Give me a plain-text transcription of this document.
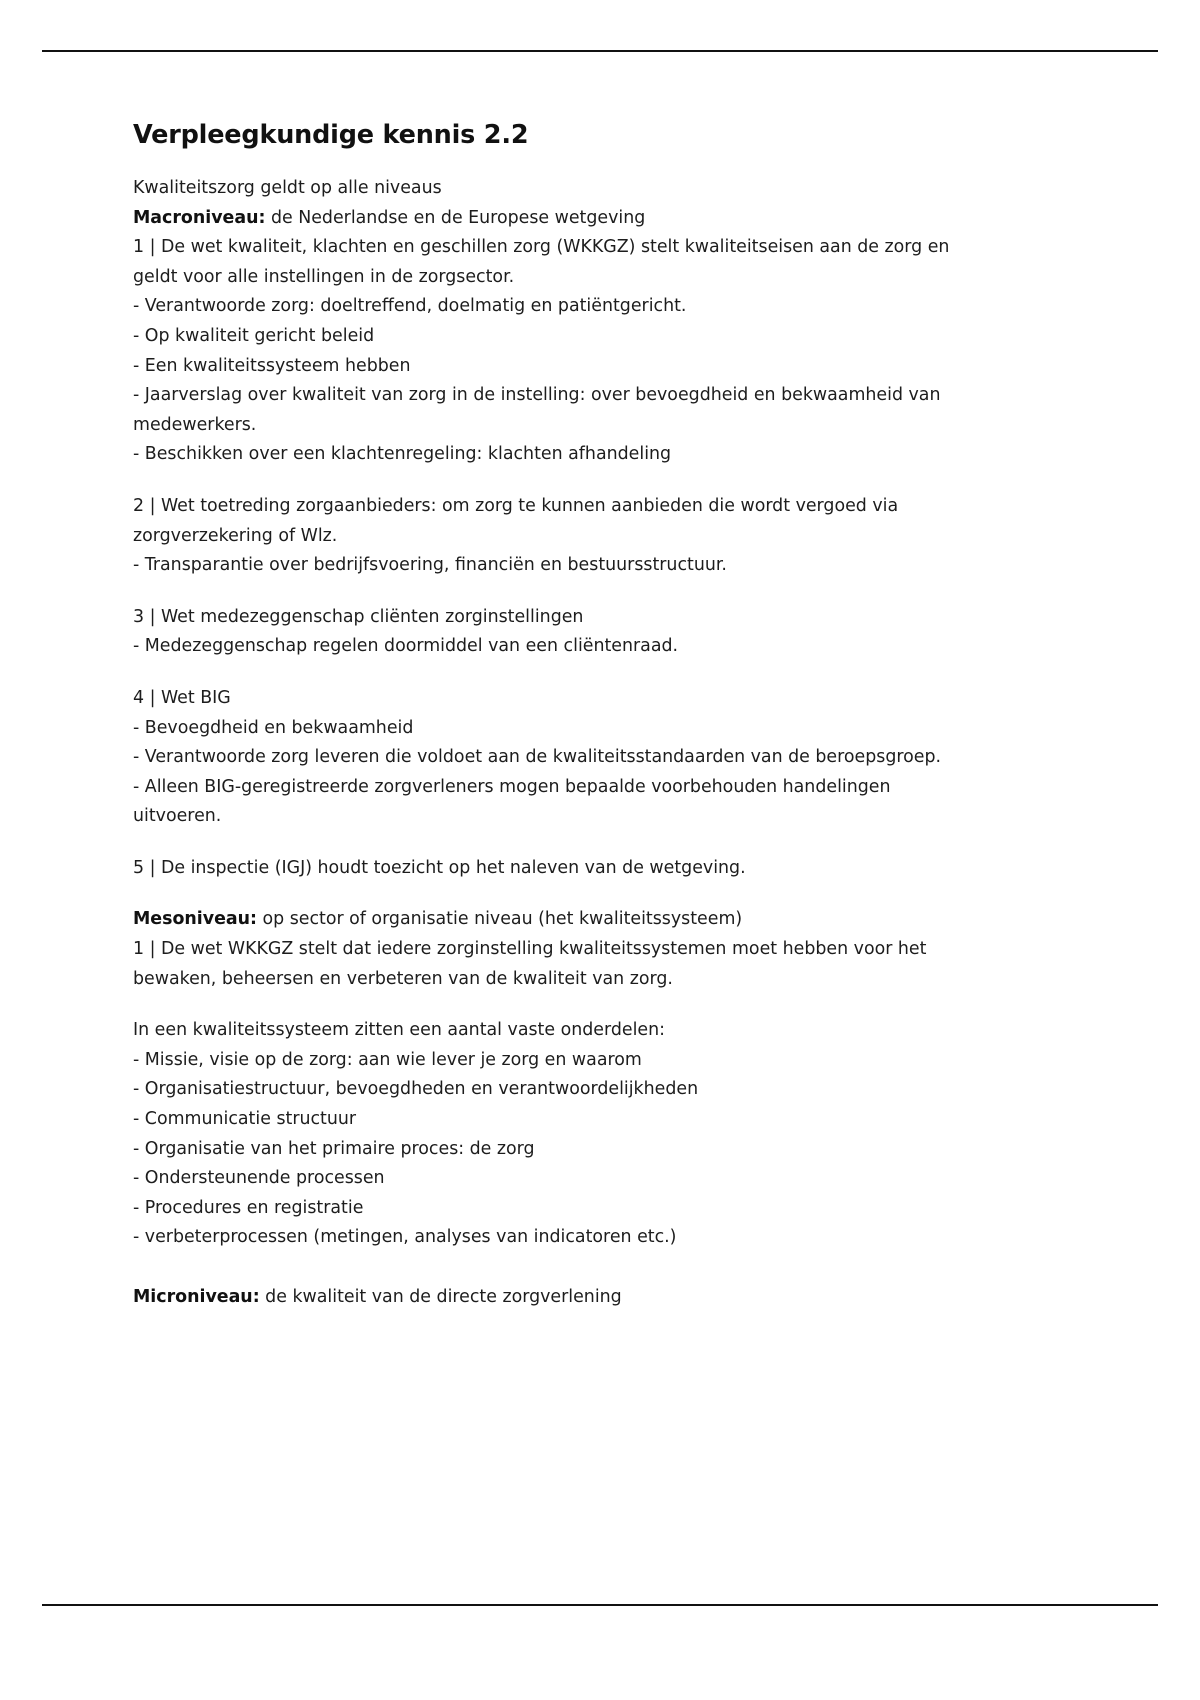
Verpleegkundige kennis 2.2

Kwaliteitszorg geldt op alle niveaus

Macroniveau: de Nederlandse en de Europese wetgeving

1 | De wet kwaliteit, klachten en geschillen zorg (WKKGZ) stelt kwaliteitseisen aan de zorg en geldt voor alle instellingen in de zorgsector.

- Verantwoorde zorg: doeltreffend, doelmatig en patiëntgericht.

- Op kwaliteit gericht beleid

- Een kwaliteitssysteem hebben

- Jaarverslag over kwaliteit van zorg in de instelling: over bevoegdheid en bekwaamheid van medewerkers.

- Beschikken over een klachtenregeling: klachten afhandeling

2 | Wet toetreding zorgaanbieders: om zorg te kunnen aanbieden die wordt vergoed via zorgverzekering of Wlz.

- Transparantie over bedrijfsvoering, financiën en bestuursstructuur.

3 | Wet medezeggenschap cliënten zorginstellingen

- Medezeggenschap regelen doormiddel van een cliëntenraad.

4 | Wet BIG

- Bevoegdheid en bekwaamheid

- Verantwoorde zorg leveren die voldoet aan de kwaliteitsstandaarden van de beroepsgroep.

- Alleen BIG-geregistreerde zorgverleners mogen bepaalde voorbehouden handelingen uitvoeren.

5 | De inspectie (IGJ) houdt toezicht op het naleven van de wetgeving.

Mesoniveau: op sector of organisatie niveau (het kwaliteitssysteem)

1 | De wet WKKGZ stelt dat iedere zorginstelling kwaliteitssystemen moet hebben voor het bewaken, beheersen en verbeteren van de kwaliteit van zorg.

In een kwaliteitssysteem zitten een aantal vaste onderdelen:

- Missie, visie op de zorg: aan wie lever je zorg en waarom

- Organisatiestructuur, bevoegdheden en verantwoordelijkheden

- Communicatie structuur

- Organisatie van het primaire proces: de zorg

- Ondersteunende processen

- Procedures en registratie

- verbeterprocessen (metingen, analyses van indicatoren etc.)

Microniveau: de kwaliteit van de directe zorgverlening
